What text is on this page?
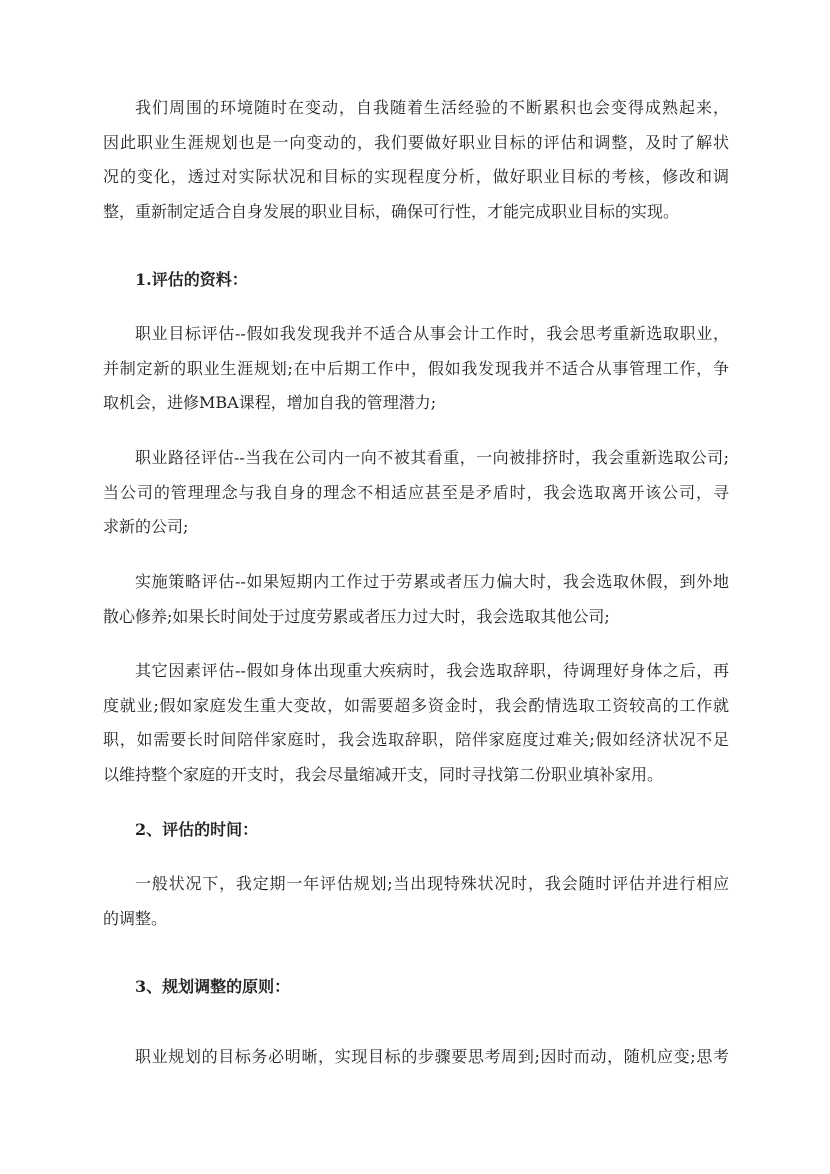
我们周围的环境随时在变动，自我随着生活经验的不断累积也会变得成熟起来，
因此职业生涯规划也是一向变动的，我们要做好职业目标的评估和调整，及时了解状
况的变化，透过对实际状况和目标的实现程度分析，做好职业目标的考核，修改和调
整，重新制定适合自身发展的职业目标，确保可行性，才能完成职业目标的实现。
1.评估的资料：
职业目标评估--假如我发现我并不适合从事会计工作时，我会思考重新选取职业，
并制定新的职业生涯规划;在中后期工作中，假如我发现我并不适合从事管理工作，争
取机会，进修MBA课程，增加自我的管理潜力;
职业路径评估--当我在公司内一向不被其看重，一向被排挤时，我会重新选取公司;
当公司的管理理念与我自身的理念不相适应甚至是矛盾时，我会选取离开该公司，寻
求新的公司;
实施策略评估--如果短期内工作过于劳累或者压力偏大时，我会选取休假，到外地
散心修养;如果长时间处于过度劳累或者压力过大时，我会选取其他公司;
其它因素评估--假如身体出现重大疾病时，我会选取辞职，待调理好身体之后，再
度就业;假如家庭发生重大变故，如需要超多资金时，我会酌情选取工资较高的工作就
职，如需要长时间陪伴家庭时，我会选取辞职，陪伴家庭度过难关;假如经济状况不足
以维持整个家庭的开支时，我会尽量缩减开支，同时寻找第二份职业填补家用。
2、评估的时间：
一般状况下，我定期一年评估规划;当出现特殊状况时，我会随时评估并进行相应
的调整。
3、规划调整的原则：
职业规划的目标务必明晰，实现目标的步骤要思考周到;因时而动，随机应变;思考
